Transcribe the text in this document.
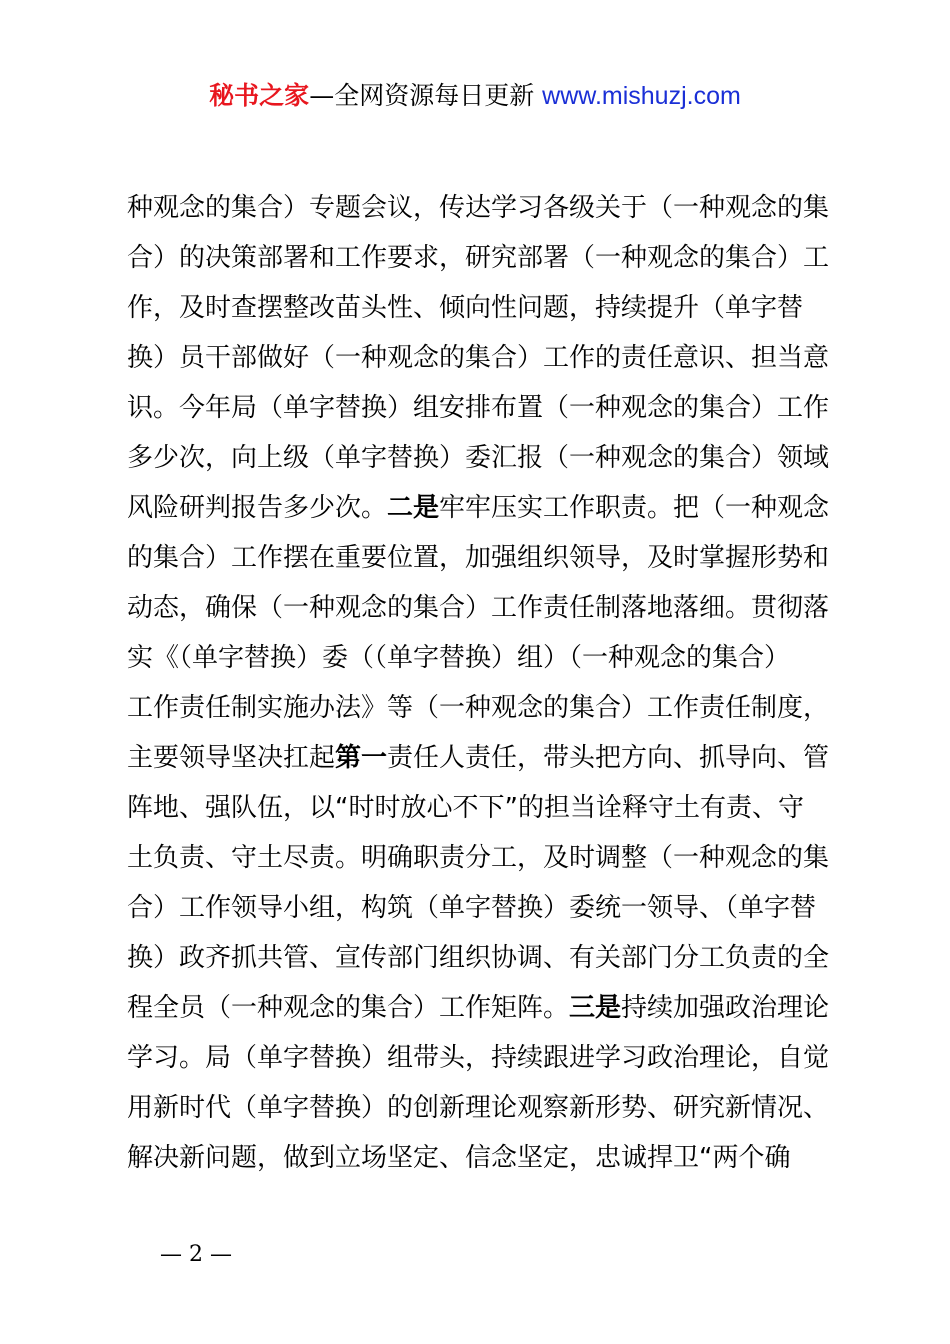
秘书之家—全网资源每日更新 www.mishuzj.com
种观念的集合）专题会议，传达学习各级关于（一种观念的集
合）的决策部署和工作要求，研究部署（一种观念的集合）工
作，及时查摆整改苗头性、倾向性问题，持续提升（单字替
换）员干部做好（一种观念的集合）工作的责任意识、担当意
识。今年局（单字替换）组安排布置（一种观念的集合）工作
多少次，向上级（单字替换）委汇报（一种观念的集合）领域
风险研判报告多少次。二是牢牢压实工作职责。把（一种观念
的集合）工作摆在重要位置，加强组织领导，及时掌握形势和
动态，确保（一种观念的集合）工作责任制落地落细。贯彻落
实《（单字替换）委（（单字替换）组）（一种观念的集合）
工作责任制实施办法》等（一种观念的集合）工作责任制度，
主要领导坚决扛起第一责任人责任，带头把方向、抓导向、管
阵地、强队伍，以“时时放心不下”的担当诠释守土有责、守
土负责、守土尽责。明确职责分工，及时调整（一种观念的集
合）工作领导小组，构筑（单字替换）委统一领导、（单字替
换）政齐抓共管、宣传部门组织协调、有关部门分工负责的全
程全员（一种观念的集合）工作矩阵。三是持续加强政治理论
学习。局（单字替换）组带头，持续跟进学习政治理论，自觉
用新时代（单字替换）的创新理论观察新形势、研究新情况、
解决新问题，做到立场坚定、信念坚定，忠诚捍卫“两个确
— 2 —
